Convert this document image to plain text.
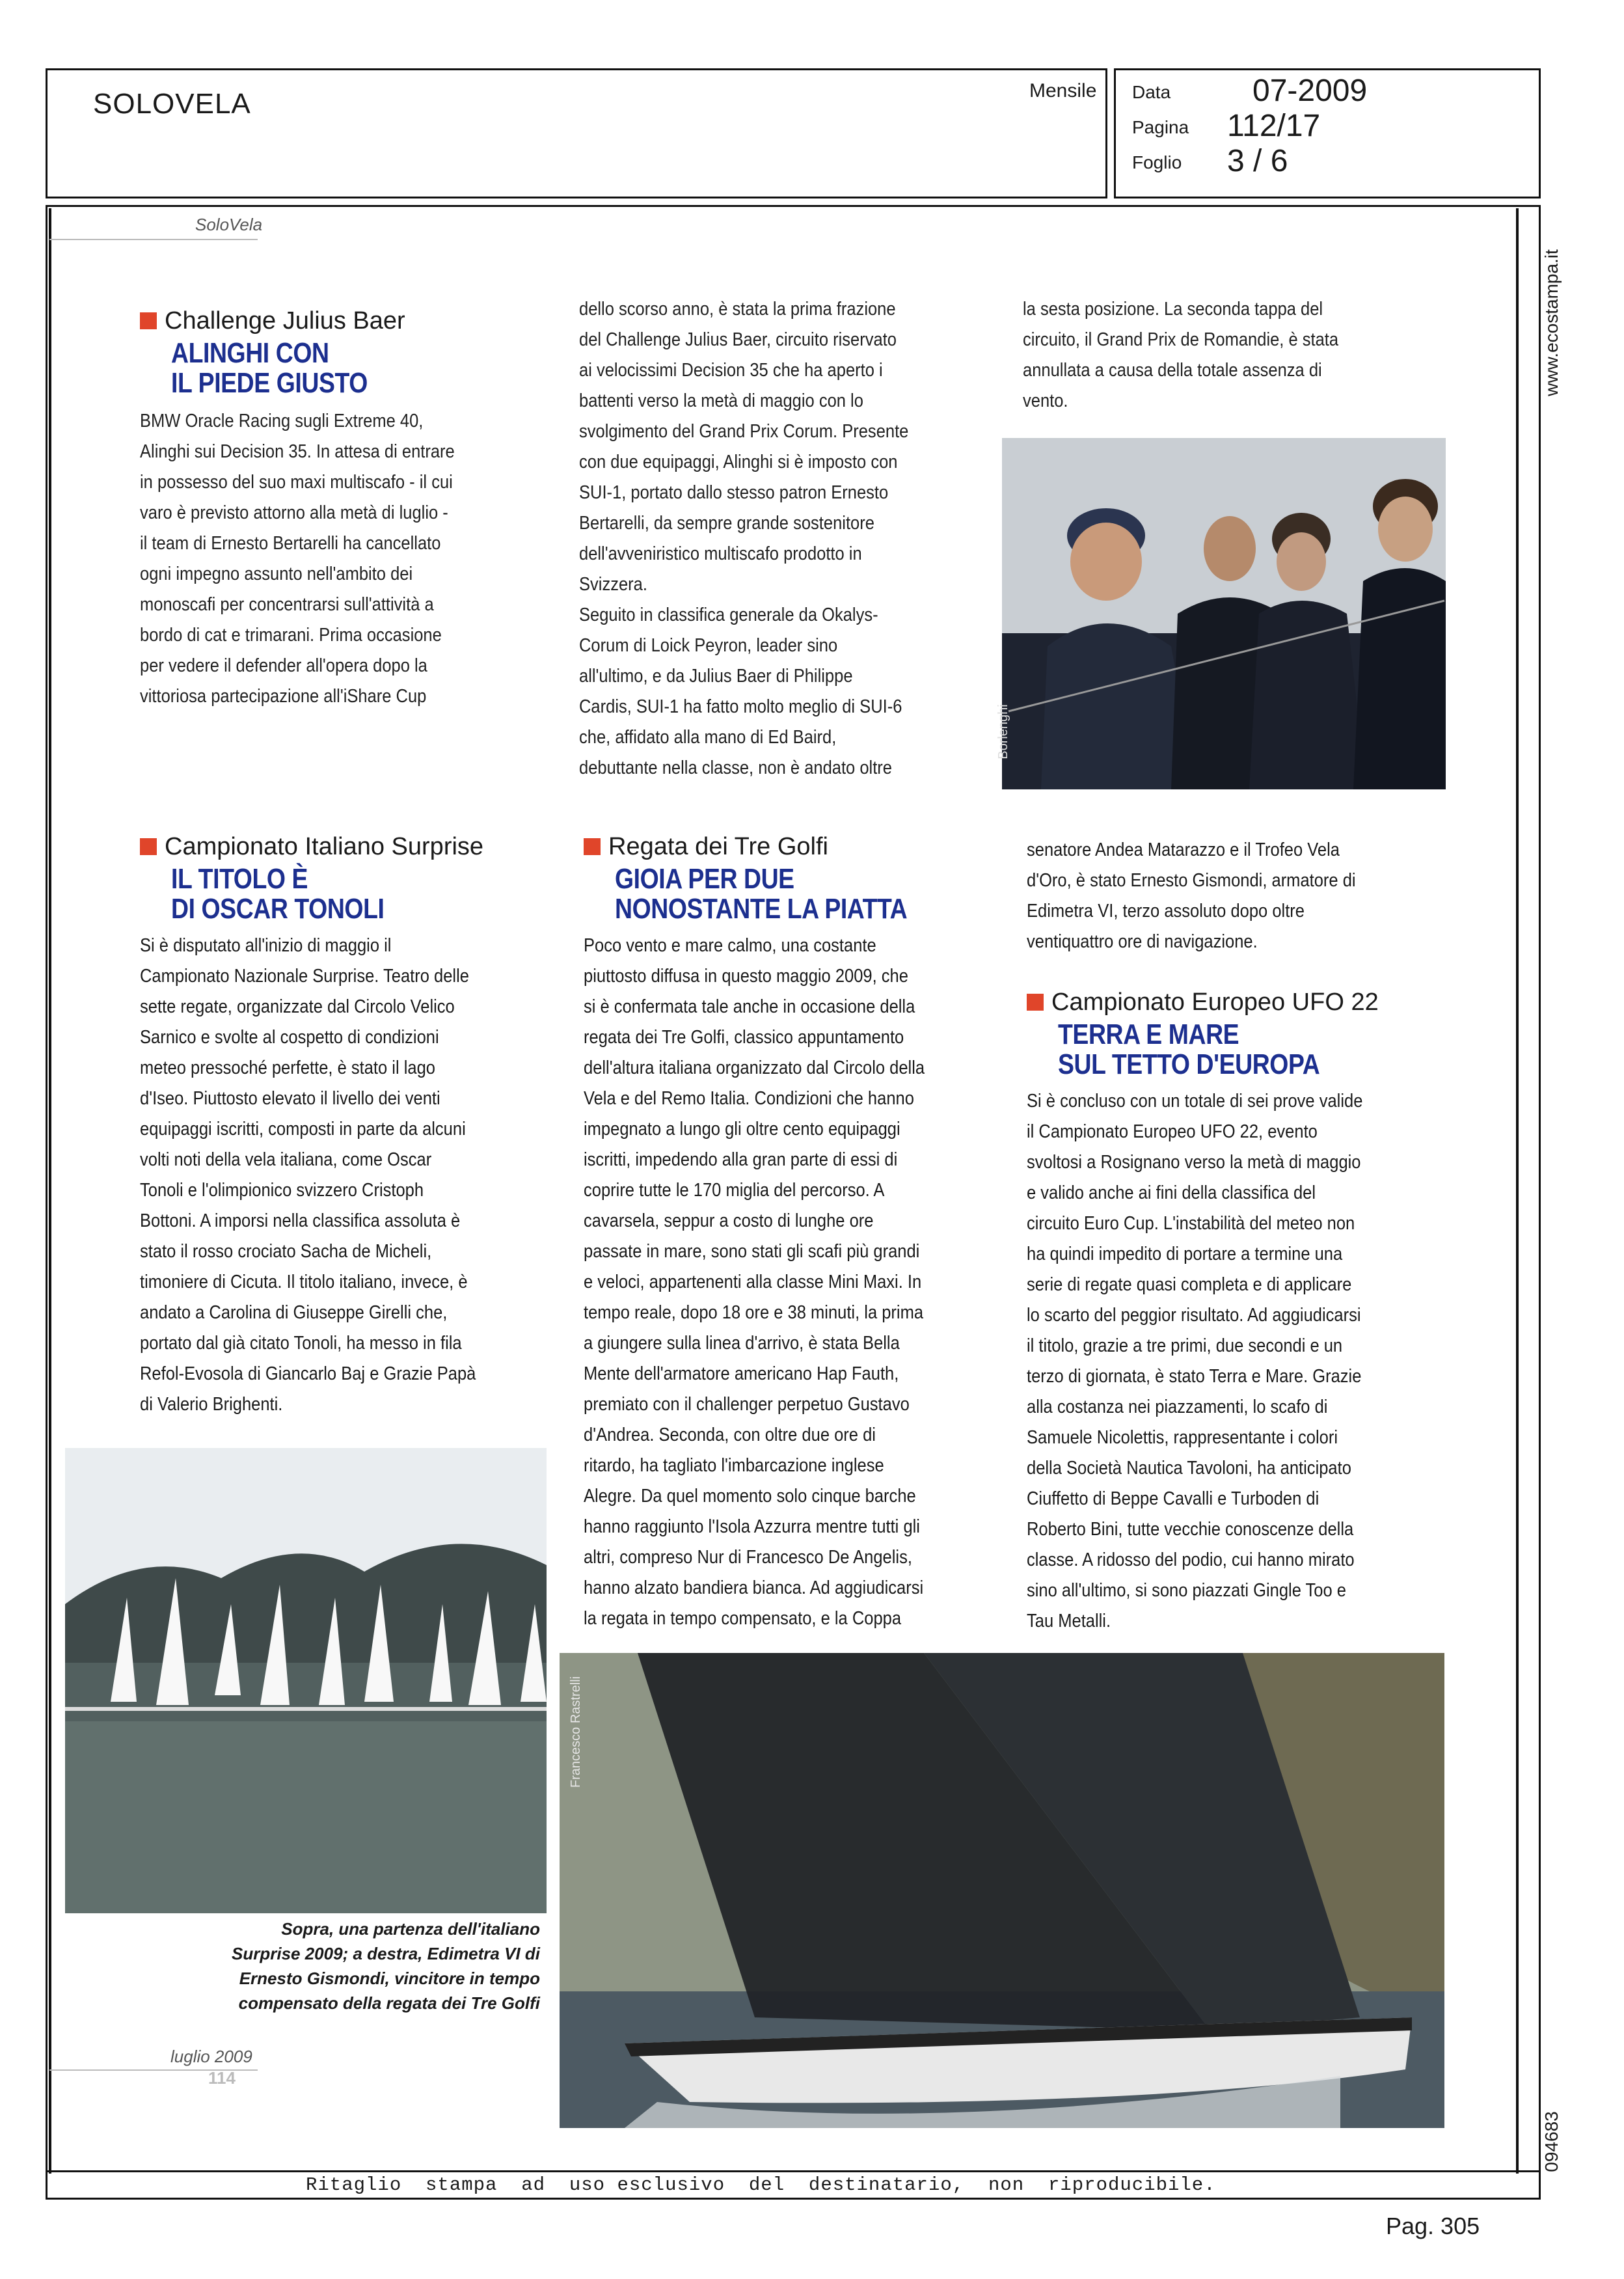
SOLOVELA	Mensile Data	07-2009
Pagina 112/17
Foglio 3 / 6
www.ecostampa.it
094683
SoloVela
Challenge Julius Baer
ALINGHI CON
IL PIEDE GIUSTO
BMW Oracle Racing sugli Extreme 40,
Alinghi sui Decision 35. In attesa di entrare
in possesso del suo maxi multiscafo - il cui
varo è previsto attorno alla metà di luglio -
il team di Ernesto Bertarelli ha cancellato
ogni impegno assunto nell'ambito dei
monoscafi per concentrarsi sull'attività a
bordo di cat e trimarani. Prima occasione
per vedere il defender all'opera dopo la
vittoriosa partecipazione all'iShare Cup
dello scorso anno, è stata la prima frazione
del Challenge Julius Baer, circuito riservato
ai velocissimi Decision 35 che ha aperto i
battenti verso la metà di maggio con lo
svolgimento del Grand Prix Corum. Presente
con due equipaggi, Alinghi si è imposto con
SUI-1, portato dallo stesso patron Ernesto
Bertarelli, da sempre grande sostenitore
dell'avveniristico multiscafo prodotto in
Svizzera.
Seguito in classifica generale da Okalys-
Corum di Loick Peyron, leader sino
all'ultimo, e da Julius Baer di Philippe
Cardis, SUI-1 ha fatto molto meglio di SUI-6
che, affidato alla mano di Ed Baird,
debuttante nella classe, non è andato oltre
la sesta posizione. La seconda tappa del
circuito, il Grand Prix de Romandie, è stata
annullata a causa della totale assenza di
vento.
Borlenghi
Campionato Italiano Surprise
IL TITOLO È
DI OSCAR TONOLI
Si è disputato all'inizio di maggio il
Campionato Nazionale Surprise. Teatro delle
sette regate, organizzate dal Circolo Velico
Sarnico e svolte al cospetto di condizioni
meteo pressoché perfette, è stato il lago
d'Iseo. Piuttosto elevato il livello dei venti
equipaggi iscritti, composti in parte da alcuni
volti noti della vela italiana, come Oscar
Tonoli e l'olimpionico svizzero Cristoph
Bottoni. A imporsi nella classifica assoluta è
stato il rosso crociato Sacha de Micheli,
timoniere di Cicuta. Il titolo italiano, invece, è
andato a Carolina di Giuseppe Girelli che,
portato dal già citato Tonoli, ha messo in fila
Refol-Evosola di Giancarlo Baj e Grazie Papà
di Valerio Brighenti.
Sopra, una partenza dell'italiano
Surprise 2009; a destra, Edimetra VI di
Ernesto Gismondi, vincitore in tempo
compensato della regata dei Tre Golfi
luglio 2009
114
Regata dei Tre Golfi
GIOIA PER DUE
NONOSTANTE LA PIATTA
Poco vento e mare calmo, una costante
piuttosto diffusa in questo maggio 2009, che
si è confermata tale anche in occasione della
regata dei Tre Golfi, classico appuntamento
dell'altura italiana organizzato dal Circolo della
Vela e del Remo Italia. Condizioni che hanno
impegnato a lungo gli oltre cento equipaggi
iscritti, impedendo alla gran parte di essi di
coprire tutte le 170 miglia del percorso. A
cavarsela, seppur a costo di lunghe ore
passate in mare, sono stati gli scafi più grandi
e veloci, appartenenti alla classe Mini Maxi. In
tempo reale, dopo 18 ore e 38 minuti, la prima
a giungere sulla linea d'arrivo, è stata Bella
Mente dell'armatore americano Hap Fauth,
premiato con il challenger perpetuo Gustavo
d'Andrea. Seconda, con oltre due ore di
ritardo, ha tagliato l'imbarcazione inglese
Alegre. Da quel momento solo cinque barche
hanno raggiunto l'Isola Azzurra mentre tutti gli
altri, compreso Nur di Francesco De Angelis,
hanno alzato bandiera bianca. Ad aggiudicarsi
la regata in tempo compensato, e la Coppa
senatore Andea Matarazzo e il Trofeo Vela
d'Oro, è stato Ernesto Gismondi, armatore di
Edimetra VI, terzo assoluto dopo oltre
ventiquattro ore di navigazione.
Campionato Europeo UFO 22
TERRA E MARE
SUL TETTO D'EUROPA
Si è concluso con un totale di sei prove valide
il Campionato Europeo UFO 22, evento
svoltosi a Rosignano verso la metà di maggio
e valido anche ai fini della classifica del
circuito Euro Cup. L'instabilità del meteo non
ha quindi impedito di portare a termine una
serie di regate quasi completa e di applicare
lo scarto del peggior risultato. Ad aggiudicarsi
il titolo, grazie a tre primi, due secondi e un
terzo di giornata, è stato Terra e Mare. Grazie
alla costanza nei piazzamenti, lo scafo di
Samuele Nicolettis, rappresentante i colori
della Società Nautica Tavoloni, ha anticipato
Ciuffetto di Beppe Cavalli e Turboden di
Roberto Bini, tutte vecchie conoscenze della
classe. A ridosso del podio, cui hanno mirato
sino all'ultimo, si sono piazzati Gingle Too e
Tau Metalli.
Francesco Rastrelli
Ritaglio  stampa  ad  uso esclusivo  del  destinatario,  non  riproducibile.
Pag. 305
